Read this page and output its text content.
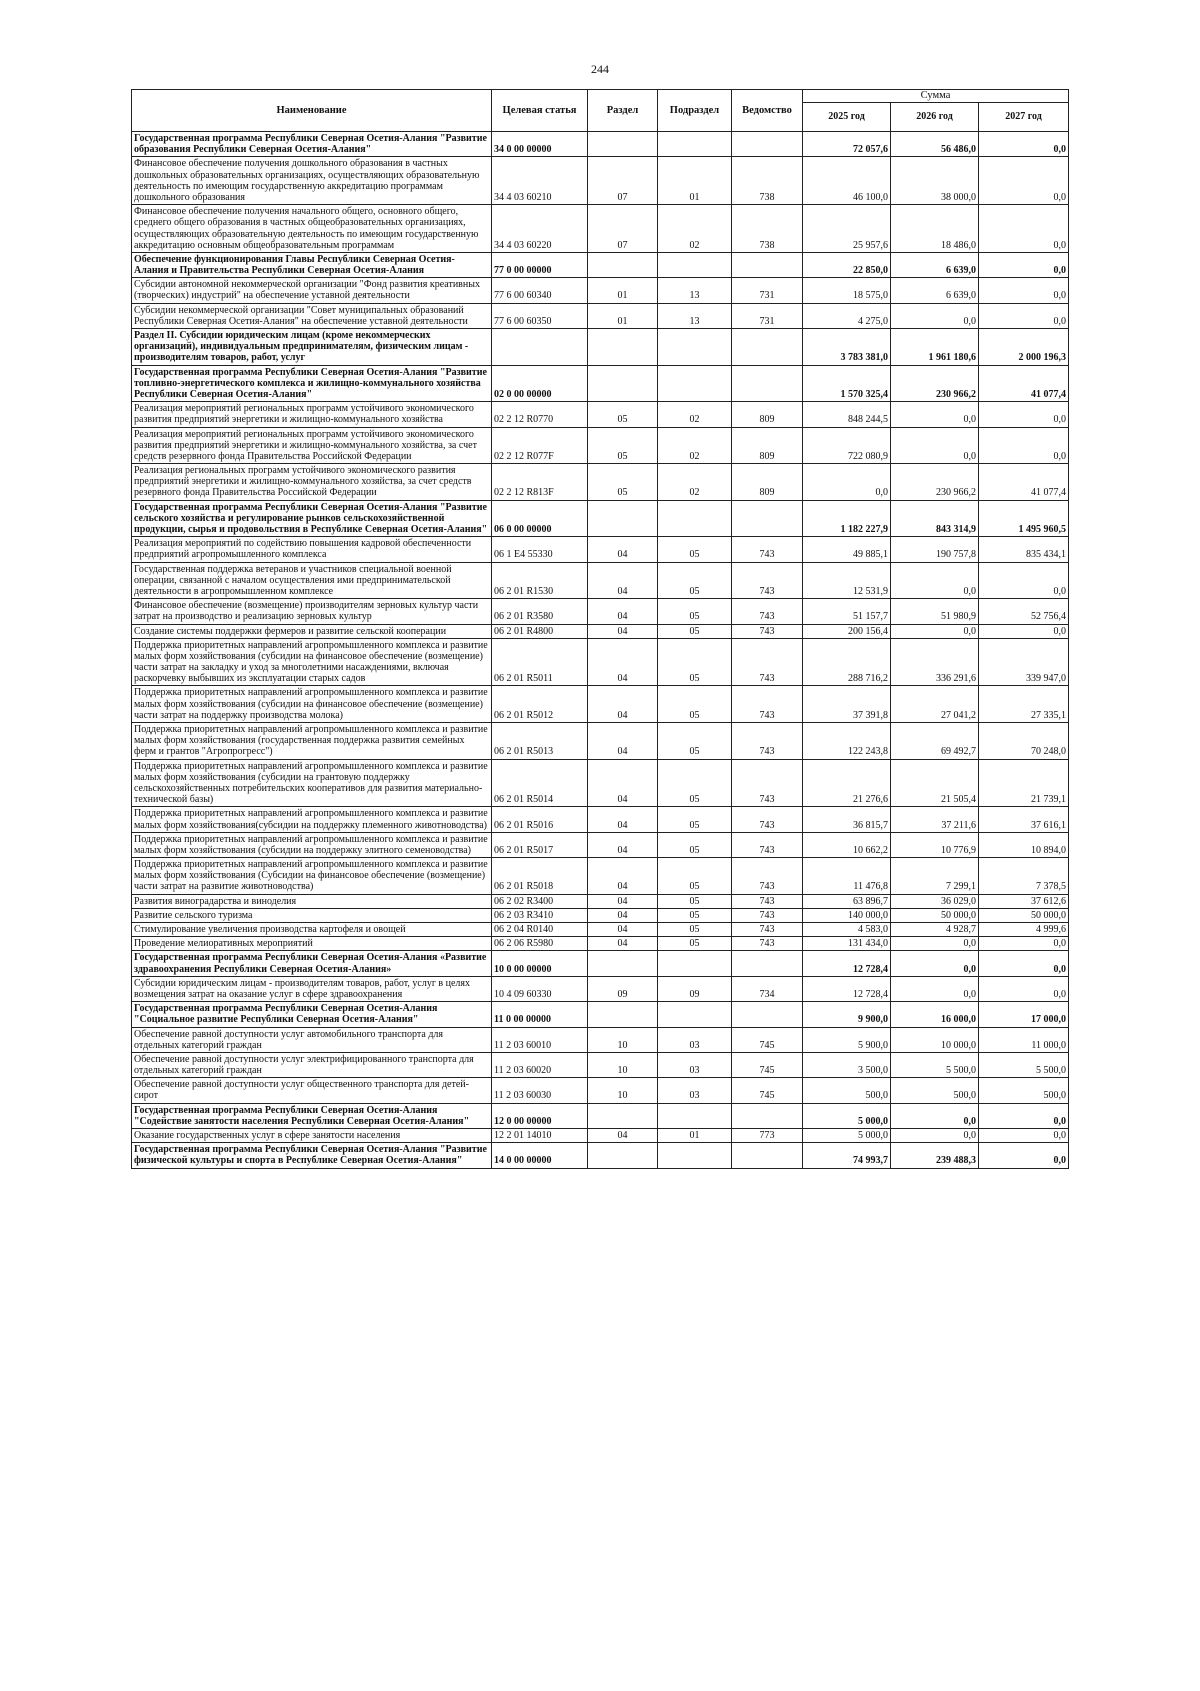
244
Наименование	Целевая статья	Раздел	Подраздел	Ведомство	Сумма		
					2025 год	2026 год	2027 год
Государственная программа Республики Северная Осетия-Алания "Развитие образования Республики Северная Осетия-Алания"	34 0 00 00000				72 057,6	56 486,0	0,0
Финансовое обеспечение получения дошкольного образования в частных дошкольных образовательных организациях, осуществляющих образовательную деятельность по имеющим государственную аккредитацию программам дошкольного образования	34 4 03 60210	07	01	738	46 100,0	38 000,0	0,0
Финансовое обеспечение получения начального общего, основного общего, среднего общего образования в частных общеобразовательных организациях, осуществляющих образовательную деятельность по имеющим государственную аккредитацию основным общеобразовательным программам	34 4 03 60220	07	02	738	25 957,6	18 486,0	0,0
Обеспечение функционирования Главы Республики Северная Осетия-Алания и Правительства Республики Северная Осетия-Алания	77 0 00 00000				22 850,0	6 639,0	0,0
Субсидии автономной некоммерческой организации "Фонд развития креативных (творческих) индустрий" на обеспечение уставной деятельности	77 6 00 60340	01	13	731	18 575,0	6 639,0	0,0
Субсидии некоммерческой организации "Совет муниципальных образований Республики Северная Осетия-Алания" на обеспечение уставной деятельности	77 6 00 60350	01	13	731	4 275,0	0,0	0,0
Раздел II. Субсидии юридическим лицам (кроме некоммерческих организаций), индивидуальным предпринимателям, физическим лицам - производителям товаров, работ, услуг					3 783 381,0	1 961 180,6	2 000 196,3
Государственная программа Республики Северная Осетия-Алания "Развитие топливно-энергетического комплекса и жилищно-коммунального хозяйства Республики Северная Осетия-Алания"	02 0 00 00000				1 570 325,4	230 966,2	41 077,4
Реализация мероприятий региональных программ устойчивого экономического развития предприятий энергетики и жилищно-коммунального хозяйства	02 2 12 R0770	05	02	809	848 244,5	0,0	0,0
Реализация мероприятий региональных программ устойчивого экономического развития предприятий энергетики и жилищно-коммунального хозяйства, за счет средств резервного фонда Правительства Российской Федерации	02 2 12 R077F	05	02	809	722 080,9	0,0	0,0
Реализация региональных программ устойчивого экономического развития предприятий энергетики и жилищно-коммунального хозяйства, за счет средств резервного фонда Правительства Российской Федерации	02 2 12 R813F	05	02	809	0,0	230 966,2	41 077,4
Государственная программа Республики Северная Осетия-Алания "Развитие сельского хозяйства и регулирование рынков сельскохозяйственной продукции, сырья и продовольствия в Республике Северная Осетия-Алания"	06 0 00 00000				1 182 227,9	843 314,9	1 495 960,5
Реализация мероприятий по содействию повышения кадровой обеспеченности предприятий агропромышленного комплекса	06 1 E4 55330	04	05	743	49 885,1	190 757,8	835 434,1
Государственная поддержка ветеранов и участников специальной военной операции, связанной с началом осуществления ими предпринимательской деятельности в агропромышленном комплексе	06 2 01 R1530	04	05	743	12 531,9	0,0	0,0
Финансовое обеспечение (возмещение) производителям зерновых культур части затрат на производство и реализацию зерновых культур	06 2 01 R3580	04	05	743	51 157,7	51 980,9	52 756,4
Создание системы поддержки фермеров и развитие сельской кооперации	06 2 01 R4800	04	05	743	200 156,4	0,0	0,0
Поддержка приоритетных направлений агропромышленного комплекса и развитие малых форм хозяйствования (субсидии на финансовое обеспечение (возмещение) части затрат на закладку и уход за многолетними насаждениями, включая раскорчевку выбывших из эксплуатации старых садов	06 2 01 R5011	04	05	743	288 716,2	336 291,6	339 947,0
Поддержка приоритетных направлений агропромышленного комплекса и развитие малых форм хозяйствования (субсидии на финансовое обеспечение (возмещение) части затрат на поддержку производства молока)	06 2 01 R5012	04	05	743	37 391,8	27 041,2	27 335,1
Поддержка приоритетных направлений агропромышленного комплекса и развитие малых форм хозяйствования (государственная поддержка развития семейных ферм и грантов "Агропрогресс")	06 2 01 R5013	04	05	743	122 243,8	69 492,7	70 248,0
Поддержка приоритетных направлений агропромышленного комплекса и развитие малых форм хозяйствования (субсидии на грантовую поддержку сельскохозяйственных потребительских кооперативов для развития материально-технической базы)	06 2 01 R5014	04	05	743	21 276,6	21 505,4	21 739,1
Поддержка приоритетных направлений агропромышленного комплекса и развитие малых форм хозяйствования(субсидии на поддержку племенного животноводства)	06 2 01 R5016	04	05	743	36 815,7	37 211,6	37 616,1
Поддержка приоритетных направлений агропромышленного комплекса и развитие малых форм хозяйствования (субсидии на поддержку элитного семеноводства)	06 2 01 R5017	04	05	743	10 662,2	10 776,9	10 894,0
Поддержка приоритетных направлений агропромышленного комплекса и развитие малых форм хозяйствования (Субсидии на финансовое обеспечение (возмещение) части затрат на развитие животноводства)	06 2 01 R5018	04	05	743	11 476,8	7 299,1	7 378,5
Развития виноградарства и виноделия	06 2 02 R3400	04	05	743	63 896,7	36 029,0	37 612,6
Развитие сельского туризма	06 2 03 R3410	04	05	743	140 000,0	50 000,0	50 000,0
Стимулирование увеличения производства картофеля и овощей	06 2 04 R0140	04	05	743	4 583,0	4 928,7	4 999,6
Проведение мелиоративных мероприятий	06 2 06 R5980	04	05	743	131 434,0	0,0	0,0
Государственная программа Республики Северная Осетия-Алания «Развитие здравоохранения Республики Северная Осетия-Алания»	10 0 00 00000				12 728,4	0,0	0,0
Субсидии юридическим лицам - производителям товаров, работ, услуг в целях возмещения затрат на оказание услуг в сфере здравоохранения	10 4 09 60330	09	09	734	12 728,4	0,0	0,0
Государственная программа Республики Северная Осетия-Алания "Социальное развитие Республики Северная Осетия-Алания"	11 0 00 00000				9 900,0	16 000,0	17 000,0
Обеспечение равной доступности услуг автомобильного транспорта для отдельных категорий граждан	11 2 03 60010	10	03	745	5 900,0	10 000,0	11 000,0
Обеспечение равной доступности услуг электрифицированного транспорта для отдельных категорий граждан	11 2 03 60020	10	03	745	3 500,0	5 500,0	5 500,0
Обеспечение равной доступности услуг общественного транспорта для детей-сирот	11 2 03 60030	10	03	745	500,0	500,0	500,0
Государственная программа Республики Северная Осетия-Алания "Содействие занятости населения Республики Северная Осетия-Алания"	12 0 00 00000				5 000,0	0,0	0,0
Оказание государственных услуг в сфере занятости населения	12 2 01 14010	04	01	773	5 000,0	0,0	0,0
Государственная программа Республики Северная Осетия-Алания "Развитие физической культуры и спорта в Республике Северная Осетия-Алания"	14 0 00 00000				74 993,7	239 488,3	0,0
